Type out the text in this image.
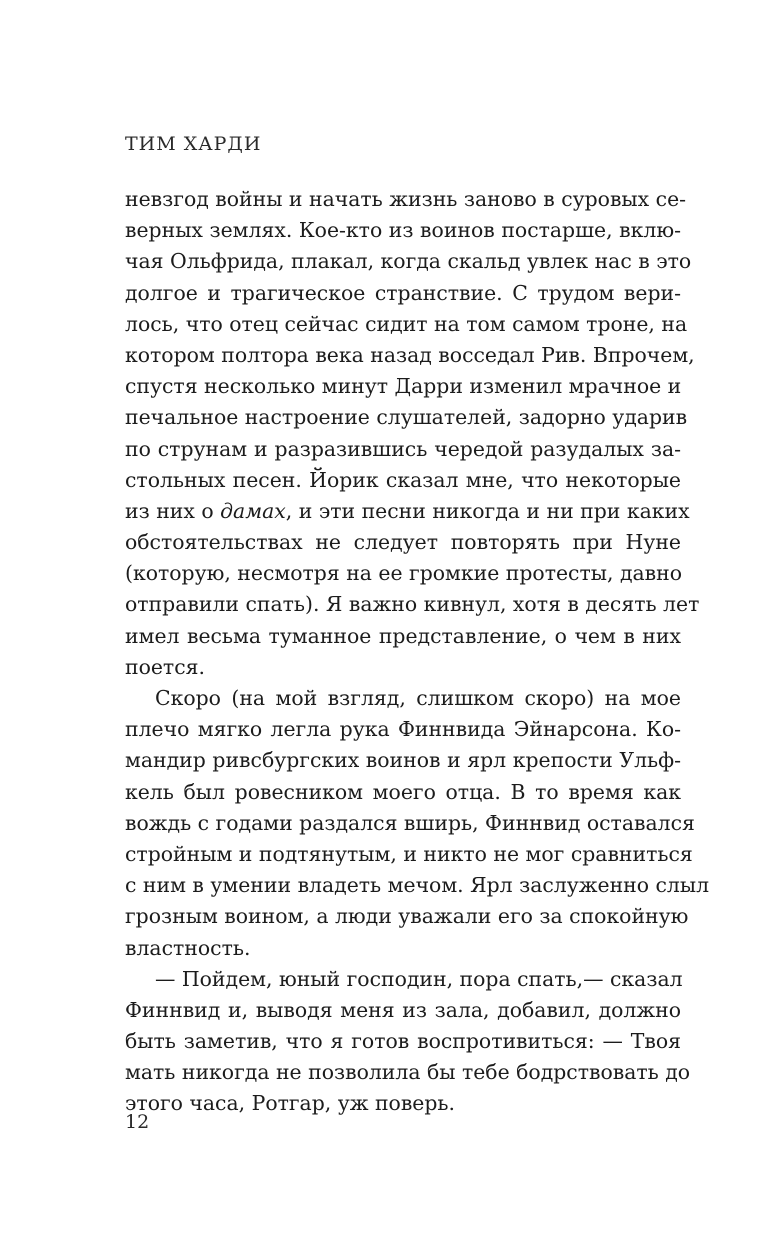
ТИМ ХАРДИ
невзгод войны и начать жизнь заново в суровых се-
верных землях. Кое-кто из воинов постарше, вклю-
чая Ольфрида, плакал, когда скальд увлек нас в это
долгое и трагическое странствие. С трудом вери-
лось, что отец сейчас сидит на том самом троне, на
котором полтора века назад восседал Рив. Впрочем,
спустя несколько минут Дарри изменил мрачное и
печальное настроение слушателей, задорно ударив
по струнам и разразившись чередой разудалых за-
стольных песен. Йорик сказал мне, что некоторые
из них о дамах, и эти песни никогда и ни при каких
обстоятельствах не следует повторять при Нуне
(которую, несмотря на ее громкие протесты, давно
отправили спать). Я важно кивнул, хотя в десять лет
имел весьма туманное представление, о чем в них
поется.
Скоро (на мой взгляд, слишком скоро) на мое
плечо мягко легла рука Финнвида Эйнарсона. Ко-
мандир ривсбургских воинов и ярл крепости Ульф-
кель был ровесником моего отца. В то время как
вождь с годами раздался вширь, Финнвид оставался
стройным и подтянутым, и никто не мог сравниться
с ним в умении владеть мечом. Ярл заслуженно слыл
грозным воином, а люди уважали его за спокойную
властность.
— Пойдем, юный господин, пора спать,— сказал
Финнвид и, выводя меня из зала, добавил, должно
быть заметив, что я готов воспротивиться: — Твоя
мать никогда не позволила бы тебе бодрствовать до
этого часа, Ротгар, уж поверь.
12
